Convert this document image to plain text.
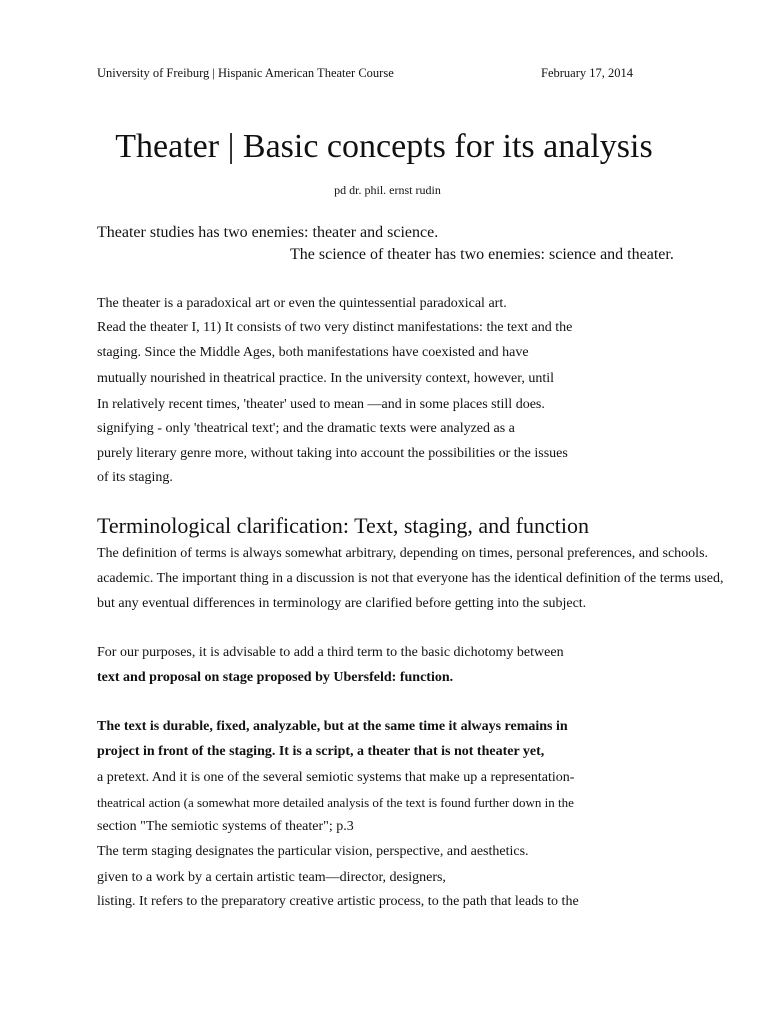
University of Freiburg | Hispanic American Theater Course	February 17, 2014
Theater | Basic concepts for its analysis
pd dr. phil. ernst rudin
Theater studies has two enemies: theater and science.
The science of theater has two enemies: science and theater.
The theater is a paradoxical art or even the quintessential paradoxical art.
Read the theater I, 11) It consists of two very distinct manifestations: the text and the
staging. Since the Middle Ages, both manifestations have coexisted and have
mutually nourished in theatrical practice. In the university context, however, until
In relatively recent times, 'theater' used to mean —and in some places still does.
signifying - only 'theatrical text'; and the dramatic texts were analyzed as a
purely literary genre more, without taking into account the possibilities or the issues
of its staging.
Terminological clarification: Text, staging, and function
The definition of terms is always somewhat arbitrary, depending on times, personal preferences, and schools.
academic. The important thing in a discussion is not that everyone has the identical definition of the terms used,
but any eventual differences in terminology are clarified before getting into the subject.
For our purposes, it is advisable to add a third term to the basic dichotomy between
text and proposal on stage proposed by Ubersfeld: function.
The text is durable, fixed, analyzable, but at the same time it always remains in
project in front of the staging. It is a script, a theater that is not theater yet,
a pretext. And it is one of the several semiotic systems that make up a representation-
theatrical action (a somewhat more detailed analysis of the text is found further down in the
section "The semiotic systems of theater"; p.3
The term staging designates the particular vision, perspective, and aesthetics.
given to a work by a certain artistic team—director, designers,
listing. It refers to the preparatory creative artistic process, to the path that leads to the
